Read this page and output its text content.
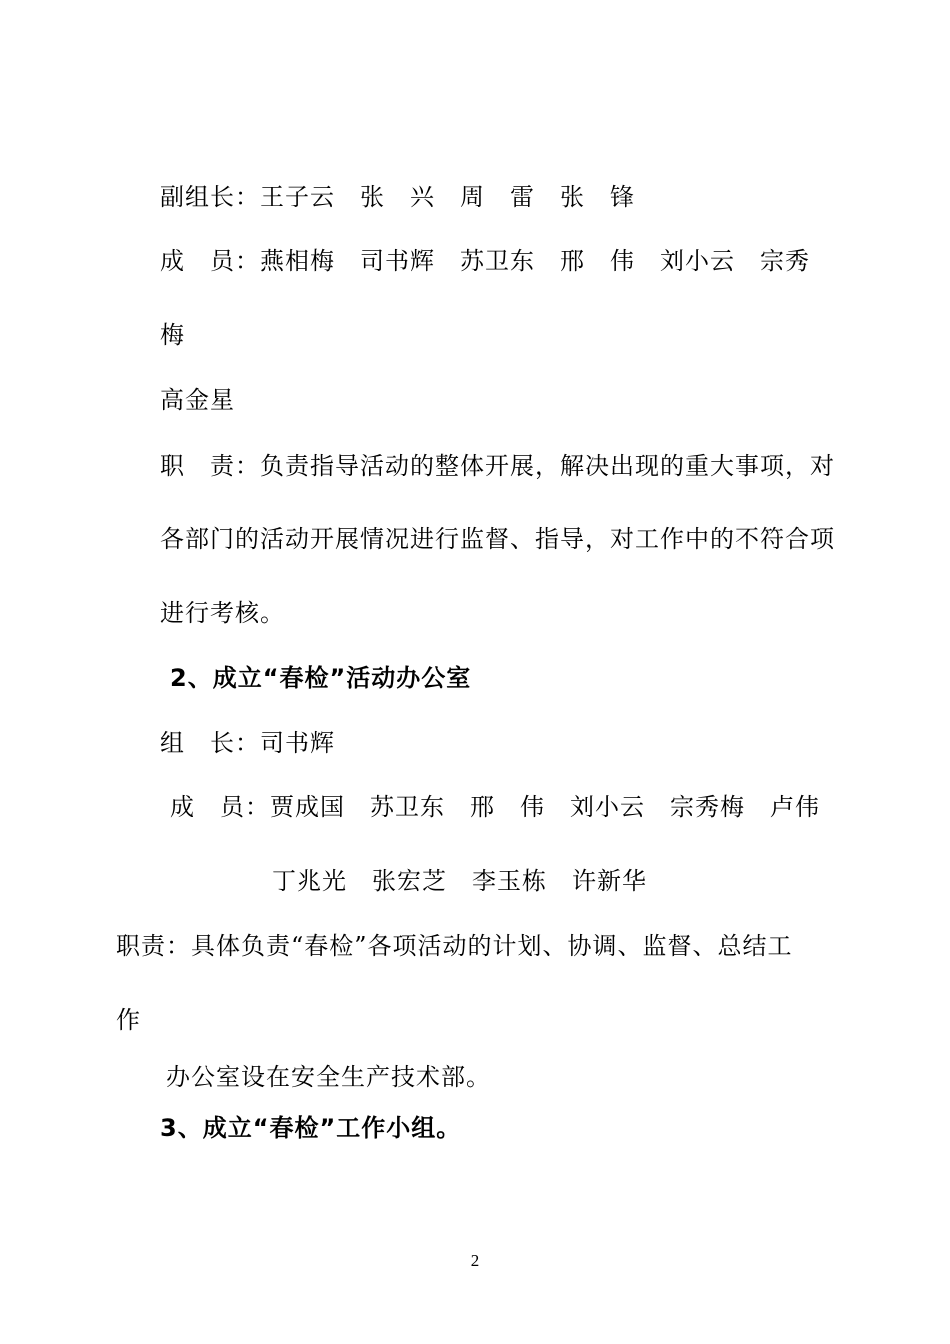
副组长：王子云　张　兴　周　雷　张　锋
成　员：燕相梅　司书辉　苏卫东　邢　伟　刘小云　宗秀
梅
高金星
职　责：负责指导活动的整体开展，解决出现的重大事项，对
各部门的活动开展情况进行监督、指导，对工作中的不符合项
进行考核。
2、成立“春检”活动办公室
组　长：司书辉
成　员：贾成国　苏卫东　邢　伟　刘小云　宗秀梅　卢伟
丁兆光　张宏芝　李玉栋　许新华
职责：具体负责“春检”各项活动的计划、协调、监督、总结工
作
办公室设在安全生产技术部。
3、成立“春检”工作小组。
2
